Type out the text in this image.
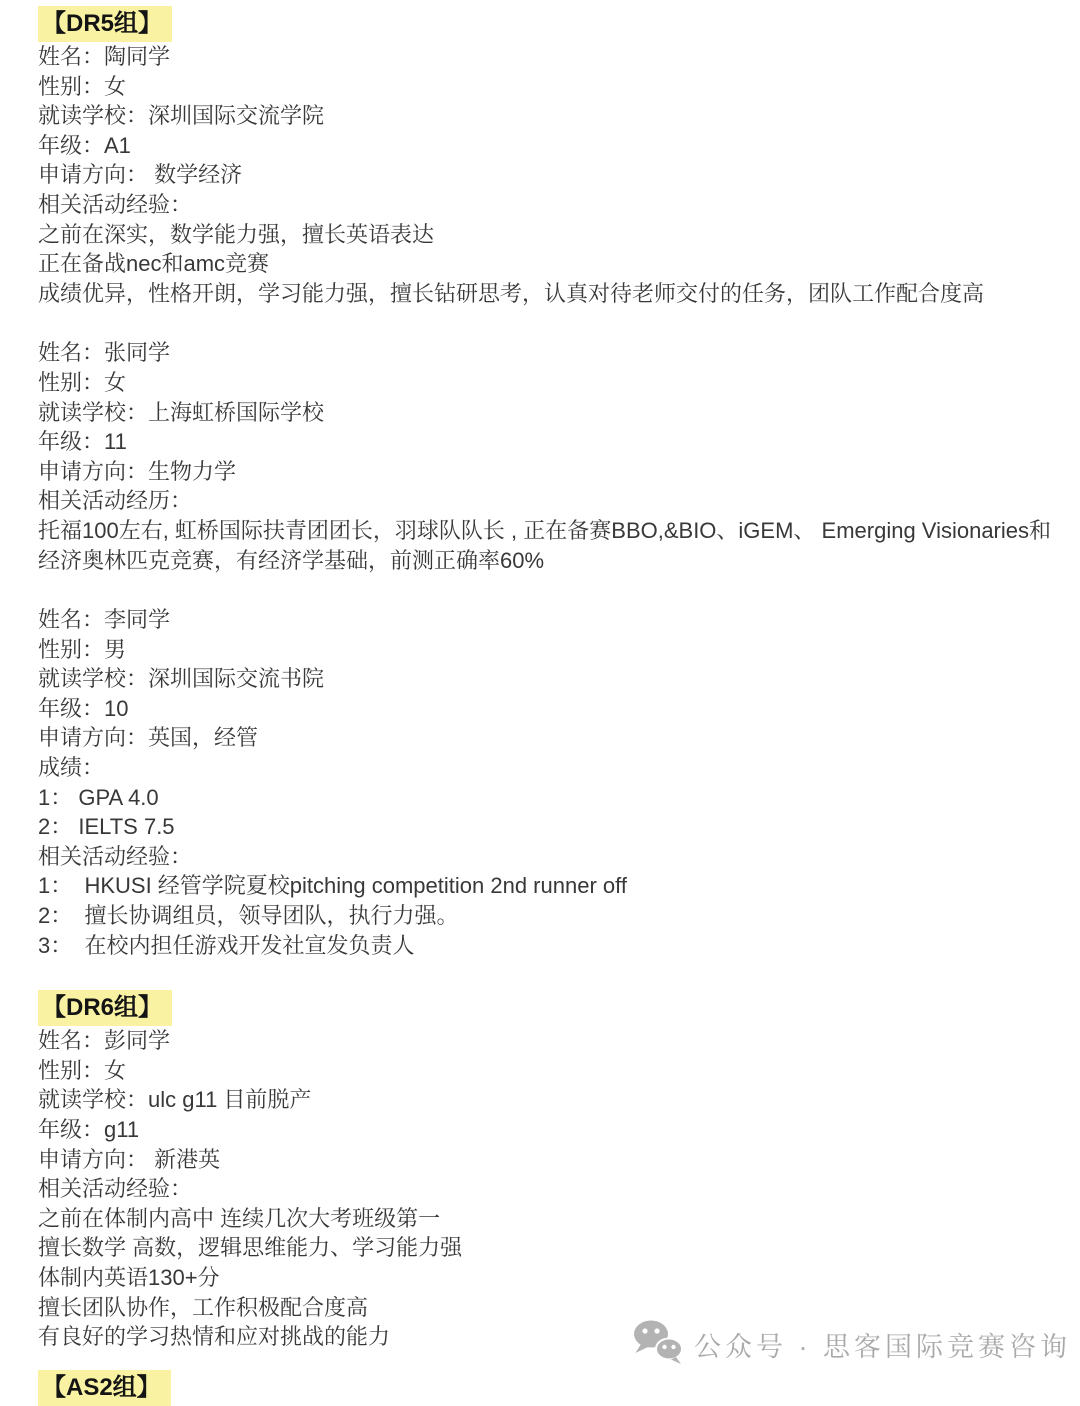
【DR5组】

姓名：陶同学

性别：女

就读学校：深圳国际交流学院

年级：A1

申请方向： 数学经济

相关活动经验：

之前在深实，数学能力强，擅长英语表达

正在备战nec和amc竞赛

成绩优异，性格开朗，学习能力强，擅长钻研思考，认真对待老师交付的任务，团队工作配合度高

姓名：张同学

性别：女

就读学校：上海虹桥国际学校

年级：11

申请方向：生物力学

相关活动经历：

托福100左右, 虹桥国际扶青团团长，羽球队队长 , 正在备赛BBO,&BIO、iGEM、 Emerging Visionaries和

经济奥林匹克竞赛，有经济学基础，前测正确率60%

姓名：李同学

性别：男

就读学校：深圳国际交流书院

年级：10

申请方向：英国，经管

成绩：

1： GPA 4.0

2： IELTS 7.5

相关活动经验：

1：  HKUSI 经管学院夏校pitching competition 2nd runner off

2：  擅长协调组员，领导团队，执行力强。

3：  在校内担任游戏开发社宣发负责人

【DR6组】

姓名：彭同学

性别：女

就读学校：ulc g11 目前脱产

年级：g11

申请方向： 新港英

相关活动经验：

之前在体制内高中 连续几次大考班级第一

擅长数学 高数，逻辑思维能力、学习能力强

体制内英语130+分

擅长团队协作，工作积极配合度高

有良好的学习热情和应对挑战的能力

【AS2组】
公众号 · 思客国际竞赛咨询
